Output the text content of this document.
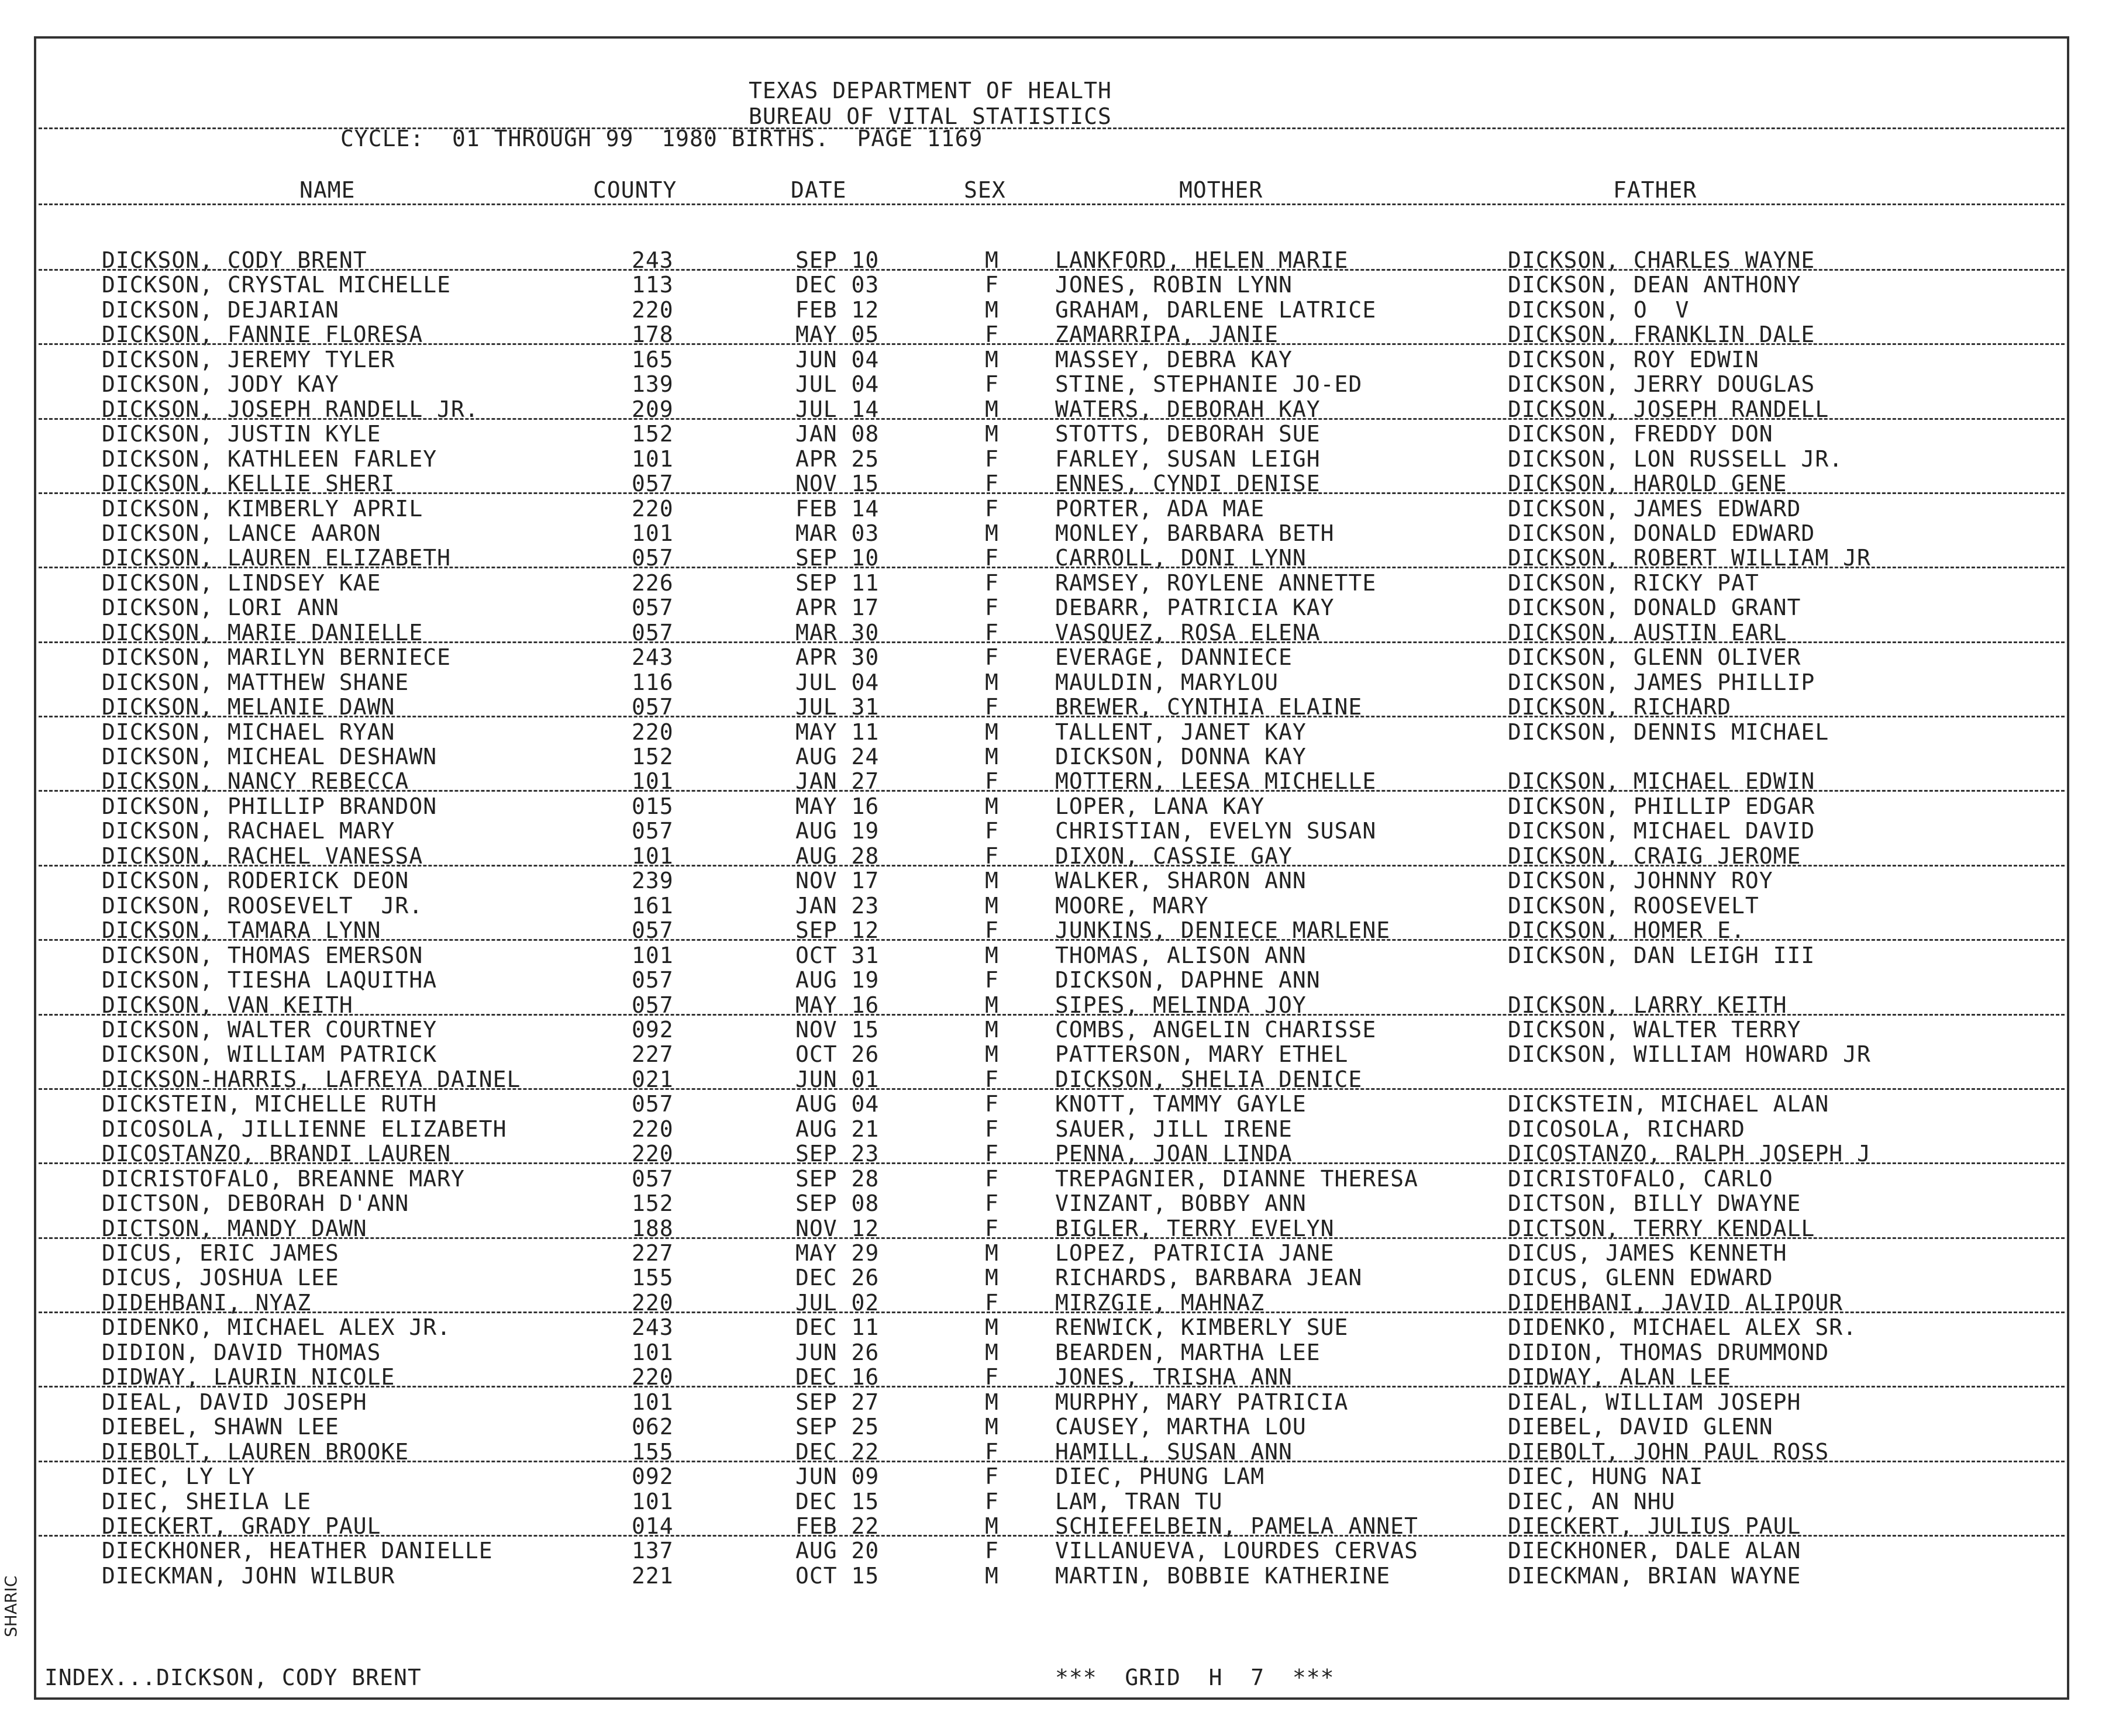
SHARIC
TEXAS DEPARTMENT OF HEALTH
BUREAU OF VITAL STATISTICS
CYCLE:  01 THROUGH 99  1980 BIRTHS.  PAGE 1169
NAME	COUNTY	DATE	SEX	MOTHER	FATHER
DICKSON, CODY BRENT	243	SEP 10	M	LANKFORD, HELEN MARIE	DICKSON, CHARLES WAYNE
DICKSON, CRYSTAL MICHELLE	113	DEC 03	F	JONES, ROBIN LYNN	DICKSON, DEAN ANTHONY
DICKSON, DEJARIAN	220	FEB 12	M	GRAHAM, DARLENE LATRICE	DICKSON, O  V
DICKSON, FANNIE FLORESA	178	MAY 05	F	ZAMARRIPA, JANIE	DICKSON, FRANKLIN DALE
DICKSON, JEREMY TYLER	165	JUN 04	M	MASSEY, DEBRA KAY	DICKSON, ROY EDWIN
DICKSON, JODY KAY	139	JUL 04	F	STINE, STEPHANIE JO-ED	DICKSON, JERRY DOUGLAS
DICKSON, JOSEPH RANDELL JR.	209	JUL 14	M	WATERS, DEBORAH KAY	DICKSON, JOSEPH RANDELL
DICKSON, JUSTIN KYLE	152	JAN 08	M	STOTTS, DEBORAH SUE	DICKSON, FREDDY DON
DICKSON, KATHLEEN FARLEY	101	APR 25	F	FARLEY, SUSAN LEIGH	DICKSON, LON RUSSELL JR.
DICKSON, KELLIE SHERI	057	NOV 15	F	ENNES, CYNDI DENISE	DICKSON, HAROLD GENE
DICKSON, KIMBERLY APRIL	220	FEB 14	F	PORTER, ADA MAE	DICKSON, JAMES EDWARD
DICKSON, LANCE AARON	101	MAR 03	M	MONLEY, BARBARA BETH	DICKSON, DONALD EDWARD
DICKSON, LAUREN ELIZABETH	057	SEP 10	F	CARROLL, DONI LYNN	DICKSON, ROBERT WILLIAM JR
DICKSON, LINDSEY KAE	226	SEP 11	F	RAMSEY, ROYLENE ANNETTE	DICKSON, RICKY PAT
DICKSON, LORI ANN	057	APR 17	F	DEBARR, PATRICIA KAY	DICKSON, DONALD GRANT
DICKSON, MARIE DANIELLE	057	MAR 30	F	VASQUEZ, ROSA ELENA	DICKSON, AUSTIN EARL
DICKSON, MARILYN BERNIECE	243	APR 30	F	EVERAGE, DANNIECE	DICKSON, GLENN OLIVER
DICKSON, MATTHEW SHANE	116	JUL 04	M	MAULDIN, MARYLOU	DICKSON, JAMES PHILLIP
DICKSON, MELANIE DAWN	057	JUL 31	F	BREWER, CYNTHIA ELAINE	DICKSON, RICHARD
DICKSON, MICHAEL RYAN	220	MAY 11	M	TALLENT, JANET KAY	DICKSON, DENNIS MICHAEL
DICKSON, MICHEAL DESHAWN	152	AUG 24	M	DICKSON, DONNA KAY
DICKSON, NANCY REBECCA	101	JAN 27	F	MOTTERN, LEESA MICHELLE	DICKSON, MICHAEL EDWIN
DICKSON, PHILLIP BRANDON	015	MAY 16	M	LOPER, LANA KAY	DICKSON, PHILLIP EDGAR
DICKSON, RACHAEL MARY	057	AUG 19	F	CHRISTIAN, EVELYN SUSAN	DICKSON, MICHAEL DAVID
DICKSON, RACHEL VANESSA	101	AUG 28	F	DIXON, CASSIE GAY	DICKSON, CRAIG JEROME
DICKSON, RODERICK DEON	239	NOV 17	M	WALKER, SHARON ANN	DICKSON, JOHNNY ROY
DICKSON, ROOSEVELT  JR.	161	JAN 23	M	MOORE, MARY	DICKSON, ROOSEVELT
DICKSON, TAMARA LYNN	057	SEP 12	F	JUNKINS, DENIECE MARLENE	DICKSON, HOMER E.
DICKSON, THOMAS EMERSON	101	OCT 31	M	THOMAS, ALISON ANN	DICKSON, DAN LEIGH III
DICKSON, TIESHA LAQUITHA	057	AUG 19	F	DICKSON, DAPHNE ANN
DICKSON, VAN KEITH	057	MAY 16	M	SIPES, MELINDA JOY	DICKSON, LARRY KEITH
DICKSON, WALTER COURTNEY	092	NOV 15	M	COMBS, ANGELIN CHARISSE	DICKSON, WALTER TERRY
DICKSON, WILLIAM PATRICK	227	OCT 26	M	PATTERSON, MARY ETHEL	DICKSON, WILLIAM HOWARD JR
DICKSON-HARRIS, LAFREYA DAINEL	021	JUN 01	F	DICKSON, SHELIA DENICE
DICKSTEIN, MICHELLE RUTH	057	AUG 04	F	KNOTT, TAMMY GAYLE	DICKSTEIN, MICHAEL ALAN
DICOSOLA, JILLIENNE ELIZABETH	220	AUG 21	F	SAUER, JILL IRENE	DICOSOLA, RICHARD
DICOSTANZO, BRANDI LAUREN	220	SEP 23	F	PENNA, JOAN LINDA	DICOSTANZO, RALPH JOSEPH J
DICRISTOFALO, BREANNE MARY	057	SEP 28	F	TREPAGNIER, DIANNE THERESA	DICRISTOFALO, CARLO
DICTSON, DEBORAH D'ANN	152	SEP 08	F	VINZANT, BOBBY ANN	DICTSON, BILLY DWAYNE
DICTSON, MANDY DAWN	188	NOV 12	F	BIGLER, TERRY EVELYN	DICTSON, TERRY KENDALL
DICUS, ERIC JAMES	227	MAY 29	M	LOPEZ, PATRICIA JANE	DICUS, JAMES KENNETH
DICUS, JOSHUA LEE	155	DEC 26	M	RICHARDS, BARBARA JEAN	DICUS, GLENN EDWARD
DIDEHBANI, NYAZ	220	JUL 02	F	MIRZGIE, MAHNAZ	DIDEHBANI, JAVID ALIPOUR
DIDENKO, MICHAEL ALEX JR.	243	DEC 11	M	RENWICK, KIMBERLY SUE	DIDENKO, MICHAEL ALEX SR.
DIDION, DAVID THOMAS	101	JUN 26	M	BEARDEN, MARTHA LEE	DIDION, THOMAS DRUMMOND
DIDWAY, LAURIN NICOLE	220	DEC 16	F	JONES, TRISHA ANN	DIDWAY, ALAN LEE
DIEAL, DAVID JOSEPH	101	SEP 27	M	MURPHY, MARY PATRICIA	DIEAL, WILLIAM JOSEPH
DIEBEL, SHAWN LEE	062	SEP 25	M	CAUSEY, MARTHA LOU	DIEBEL, DAVID GLENN
DIEBOLT, LAUREN BROOKE	155	DEC 22	F	HAMILL, SUSAN ANN	DIEBOLT, JOHN PAUL ROSS
DIEC, LY LY	092	JUN 09	F	DIEC, PHUNG LAM	DIEC, HUNG NAI
DIEC, SHEILA LE	101	DEC 15	F	LAM, TRAN TU	DIEC, AN NHU
DIECKERT, GRADY PAUL	014	FEB 22	M	SCHIEFELBEIN, PAMELA ANNET	DIECKERT, JULIUS PAUL
DIECKHONER, HEATHER DANIELLE	137	AUG 20	F	VILLANUEVA, LOURDES CERVAS	DIECKHONER, DALE ALAN
DIECKMAN, JOHN WILBUR	221	OCT 15	M	MARTIN, BOBBIE KATHERINE	DIECKMAN, BRIAN WAYNE
INDEX...DICKSON, CODY BRENT	***  GRID  H  7  ***
